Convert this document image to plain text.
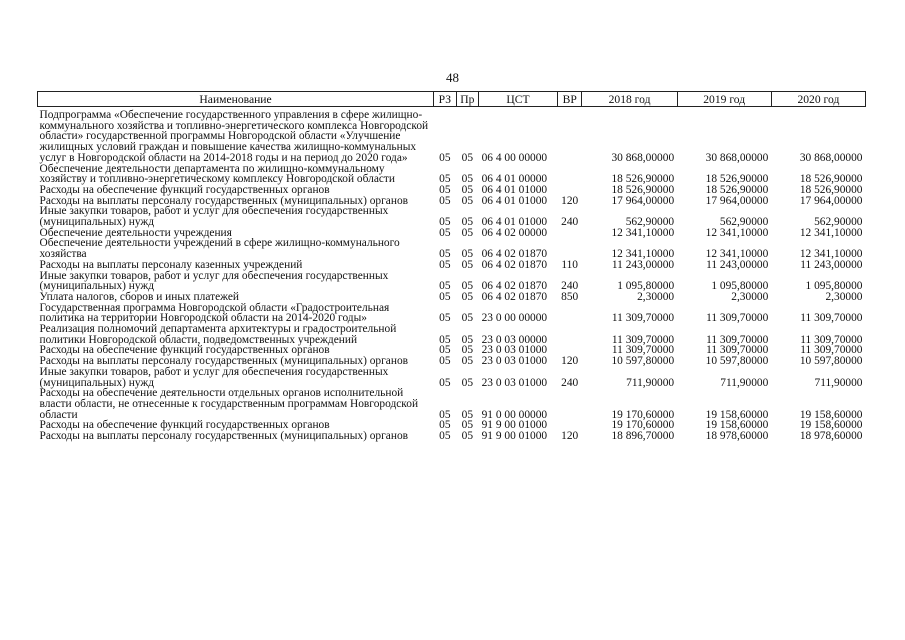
48
Наименование	РЗ	Пр	ЦСТ	ВР	2018 год	2019 год	2020 год
Подпрограмма «Обеспечение государственного управления в сфере жилищно-коммунального хозяйства и топливно-энергетического комплекса Новгородской области» государственной программы Новгородской области «Улучшение жилищных условий граждан и повышение качества жилищно-коммунальных услуг в Новгородской области на 2014-2018 годы и на период до 2020 года»	05	05	06 4 00 00000		30 868,00000	30 868,00000	30 868,00000
Обеспечение деятельности департамента по жилищно-коммунальному хозяйству и топливно-энергетическому комплексу Новгородской области	05	05	06 4 01 00000		18 526,90000	18 526,90000	18 526,90000
Расходы на обеспечение функций государственных органов	05	05	06 4 01 01000		18 526,90000	18 526,90000	18 526,90000
Расходы на выплаты персоналу государственных (муниципальных) органов	05	05	06 4 01 01000	120	17 964,00000	17 964,00000	17 964,00000
Иные закупки товаров, работ и услуг для обеспечения государственных (муниципальных) нужд	05	05	06 4 01 01000	240	562,90000	562,90000	562,90000
Обеспечение деятельности учреждения	05	05	06 4 02 00000		12 341,10000	12 341,10000	12 341,10000
Обеспечение деятельности учреждений в сфере жилищно-коммунального хозяйства	05	05	06 4 02 01870		12 341,10000	12 341,10000	12 341,10000
Расходы на выплаты персоналу казенных учреждений	05	05	06 4 02 01870	110	11 243,00000	11 243,00000	11 243,00000
Иные закупки товаров, работ и услуг для обеспечения государственных (муниципальных) нужд	05	05	06 4 02 01870	240	1 095,80000	1 095,80000	1 095,80000
Уплата налогов, сборов и иных платежей	05	05	06 4 02 01870	850	2,30000	2,30000	2,30000
Государственная программа Новгородской области «Градостроительная политика на территории Новгородской области на 2014-2020 годы»	05	05	23 0 00 00000		11 309,70000	11 309,70000	11 309,70000
Реализация полномочий департамента архитектуры и градостроительной политики Новгородской области, подведомственных учреждений	05	05	23 0 03 00000		11 309,70000	11 309,70000	11 309,70000
Расходы на обеспечение функций государственных органов	05	05	23 0 03 01000		11 309,70000	11 309,70000	11 309,70000
Расходы на выплаты персоналу государственных (муниципальных) органов	05	05	23 0 03 01000	120	10 597,80000	10 597,80000	10 597,80000
Иные закупки товаров, работ и услуг для обеспечения государственных (муниципальных) нужд	05	05	23 0 03 01000	240	711,90000	711,90000	711,90000
Расходы на обеспечение деятельности отдельных органов исполнительной власти области, не отнесенные к государственным программам Новгородской области	05	05	91 0 00 00000		19 170,60000	19 158,60000	19 158,60000
Расходы на обеспечение функций государственных органов	05	05	91 9 00 01000		19 170,60000	19 158,60000	19 158,60000
Расходы на выплаты персоналу государственных (муниципальных) органов	05	05	91 9 00 01000	120	18 896,70000	18 978,60000	18 978,60000
